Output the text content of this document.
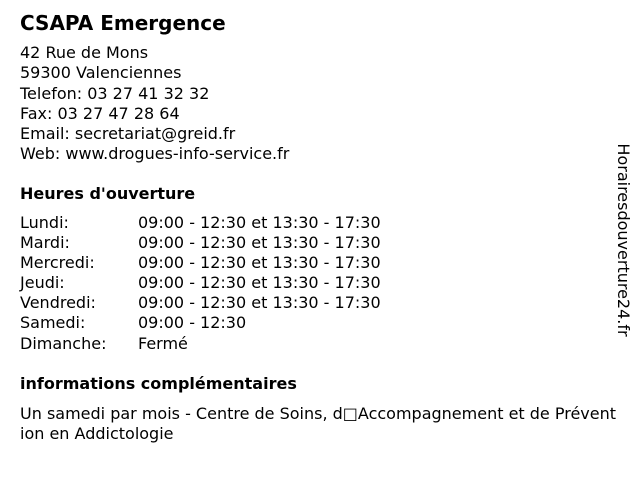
CSAPA Emergence
42 Rue de Mons
59300 Valenciennes
Telefon: 03 27 41 32 32
Fax: 03 27 47 28 64
Email: secretariat@greid.fr
Web: www.drogues-info-service.fr
Heures d'ouverture
Lundi:	09:00 - 12:30 et 13:30 - 17:30
Mardi:	09:00 - 12:30 et 13:30 - 17:30
Mercredi:	09:00 - 12:30 et 13:30 - 17:30
Jeudi:	09:00 - 12:30 et 13:30 - 17:30
Vendredi:	09:00 - 12:30 et 13:30 - 17:30
Samedi:	09:00 - 12:30
Dimanche:	Fermé
informations complémentaires
Un samedi par mois - Centre de Soins, d□Accompagnement et de Prévention en Addictologie
Horairesdouverture24.fr
